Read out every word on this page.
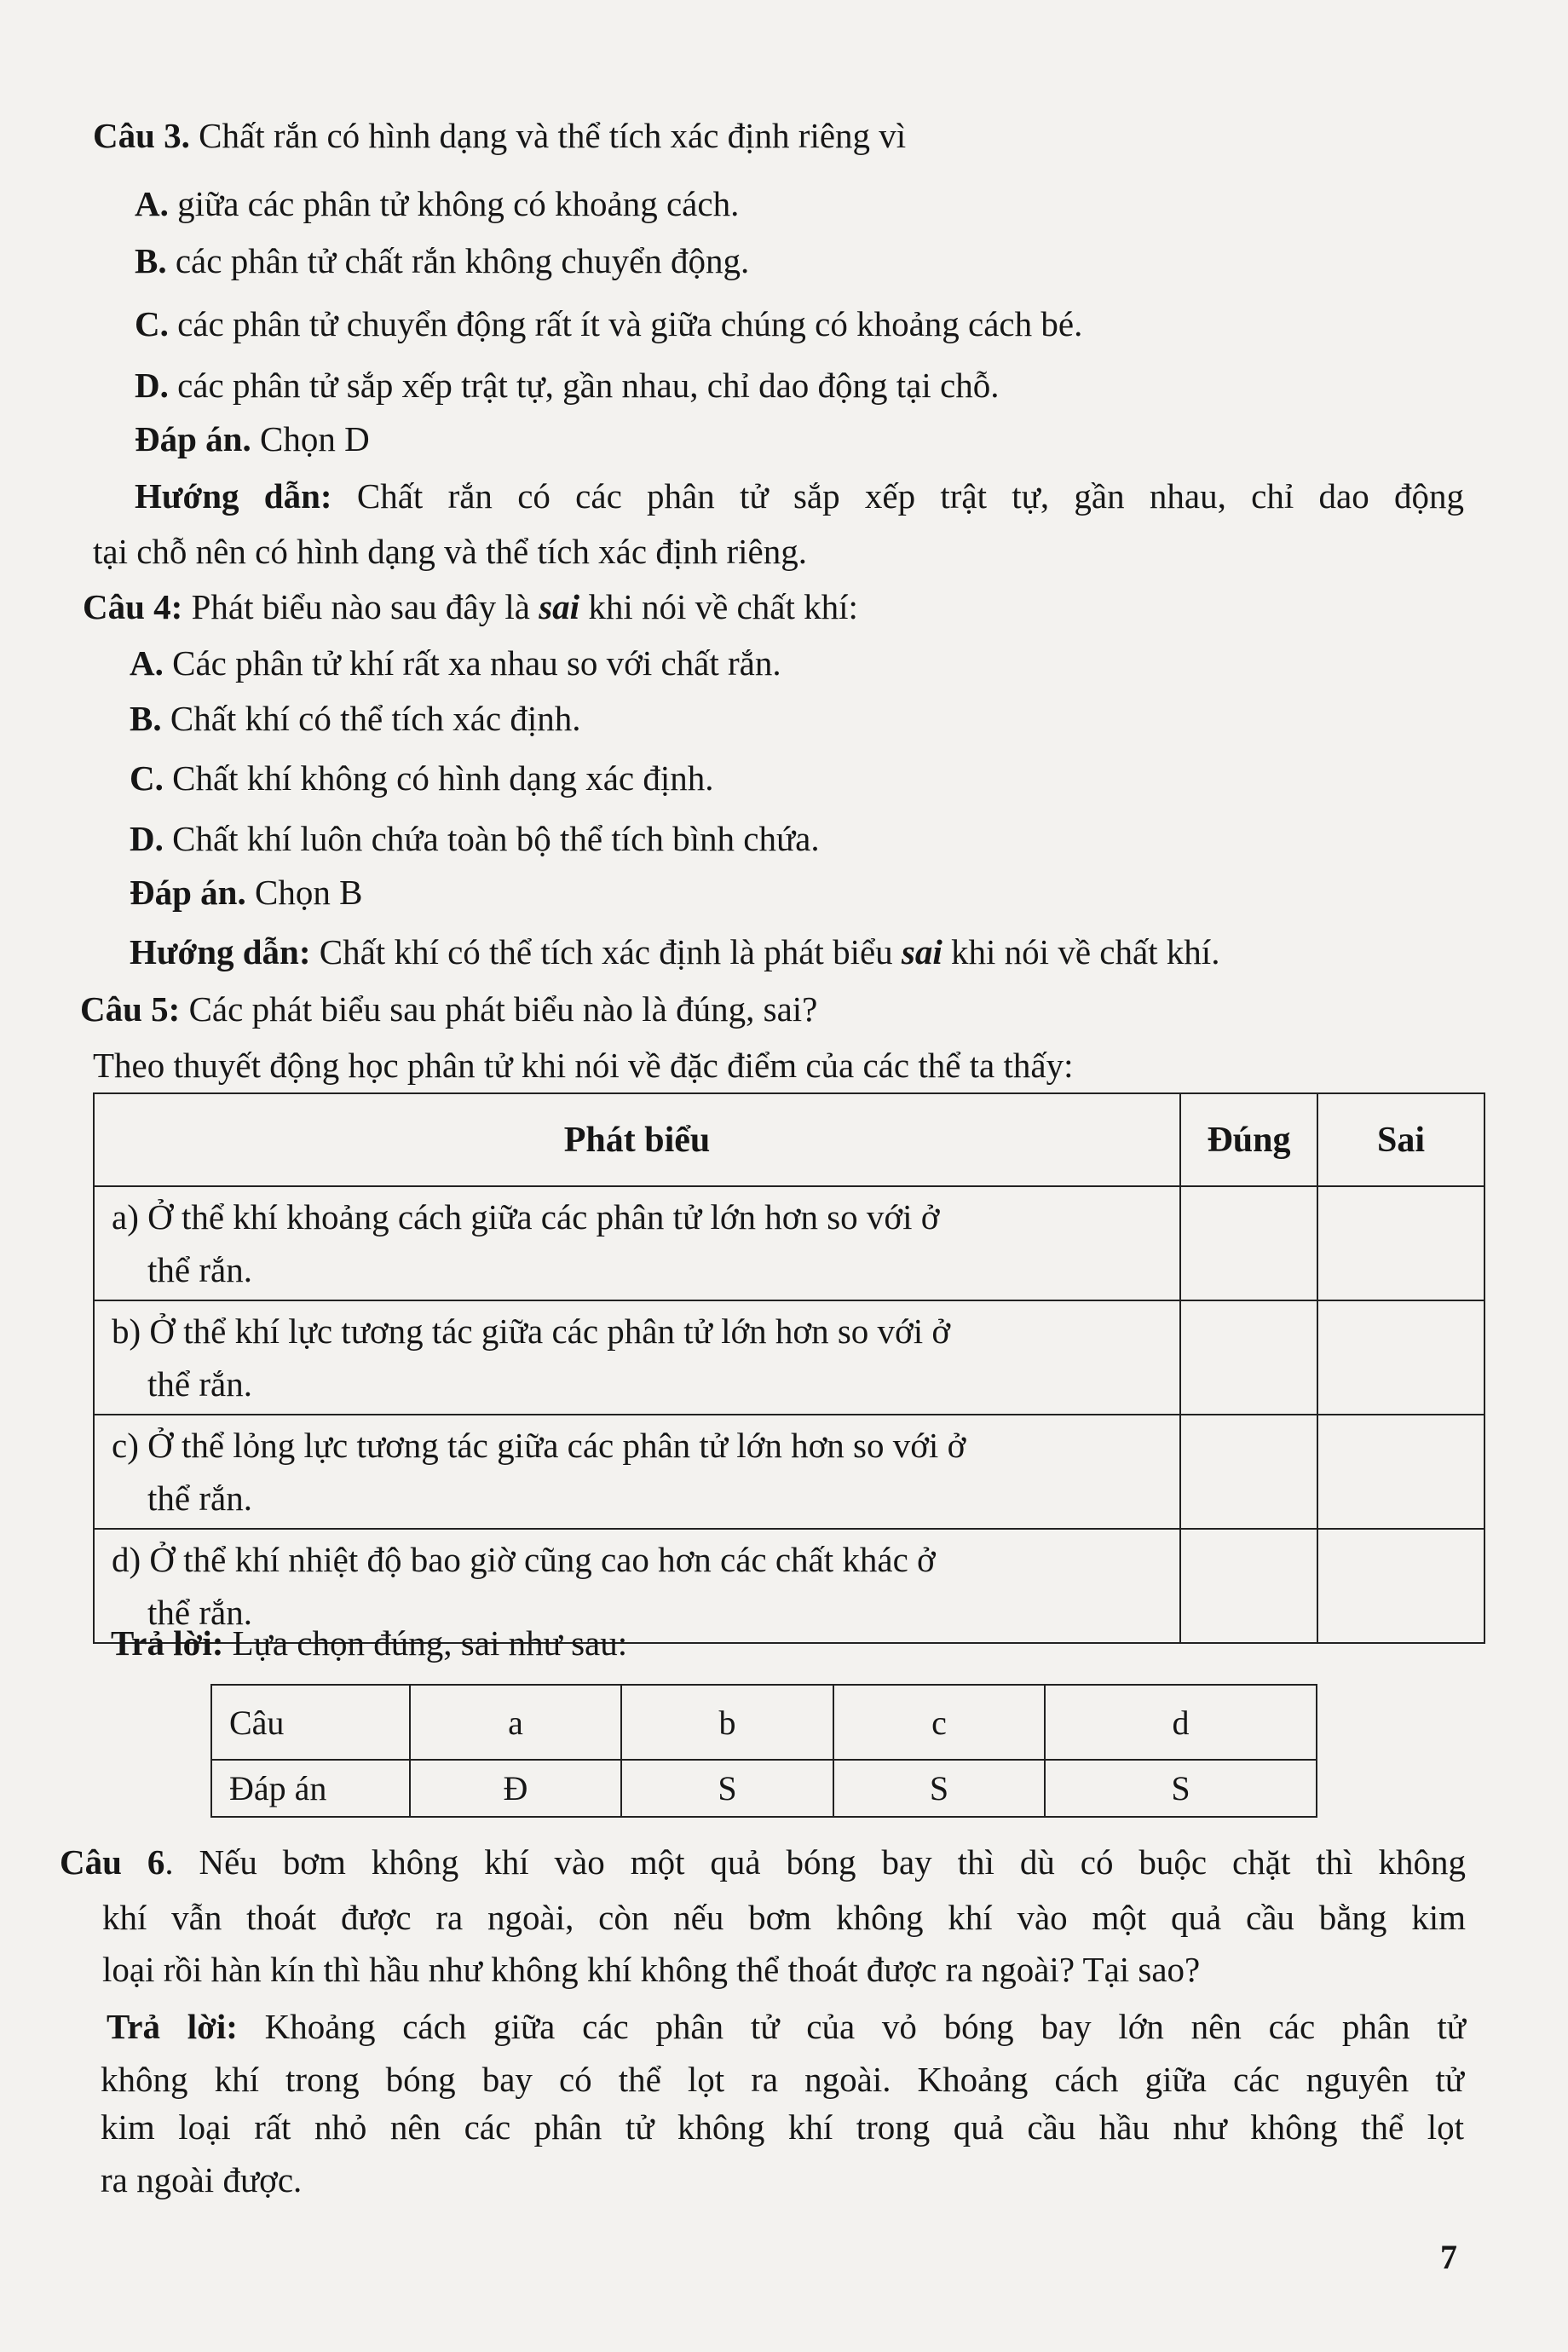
Câu 3. Chất rắn có hình dạng và thể tích xác định riêng vì
A. giữa các phân tử không có khoảng cách.
B. các phân tử chất rắn không chuyển động.
C. các phân tử chuyển động rất ít và giữa chúng có khoảng cách bé.
D. các phân tử sắp xếp trật tự, gần nhau, chỉ dao động tại chỗ.
Đáp án. Chọn D
Hướng dẫn: Chất rắn có các phân tử sắp xếp trật tự, gần nhau, chỉ dao động
tại chỗ nên có hình dạng và thể tích xác định riêng.
Câu 4: Phát biểu nào sau đây là sai khi nói về chất khí:
A. Các phân tử khí rất xa nhau so với chất rắn.
B. Chất khí có thể tích xác định.
C. Chất khí không có hình dạng xác định.
D. Chất khí luôn chứa toàn bộ thể tích bình chứa.
Đáp án. Chọn B
Hướng dẫn: Chất khí có thể tích xác định là phát biểu sai khi nói về chất khí.
Câu 5: Các phát biểu sau phát biểu nào là đúng, sai?
Theo thuyết động học phân tử khi nói về đặc điểm của các thể ta thấy:
Phát biểu	Đúng	Sai

a) Ở thể khí khoảng cách giữa các phân tử lớn hơn so với ở
thể rắn.		

b) Ở thể khí lực tương tác giữa các phân tử lớn hơn so với ở
thể rắn.		

c) Ở thể lỏng lực tương tác giữa các phân tử lớn hơn so với ở
thể rắn.		

d) Ở thể khí nhiệt độ bao giờ cũng cao hơn các chất khác ở
thể rắn.		

Trả lời: Lựa chọn đúng, sai như sau:
Câu	a	b	c	d
Đáp án	Đ	S	S	S
Câu 6. Nếu bơm không khí vào một quả bóng bay thì dù có buộc chặt thì không
khí vẫn thoát được ra ngoài, còn nếu bơm không khí vào một quả cầu bằng kim
loại rồi hàn kín thì hầu như không khí không thể thoát được ra ngoài? Tại sao?
Trả lời: Khoảng cách giữa các phân tử của vỏ bóng bay lớn nên các phân tử
không khí trong bóng bay có thể lọt ra ngoài. Khoảng cách giữa các nguyên tử
kim loại rất nhỏ nên các phân tử không khí trong quả cầu hầu như không thể lọt
ra ngoài được.
7
